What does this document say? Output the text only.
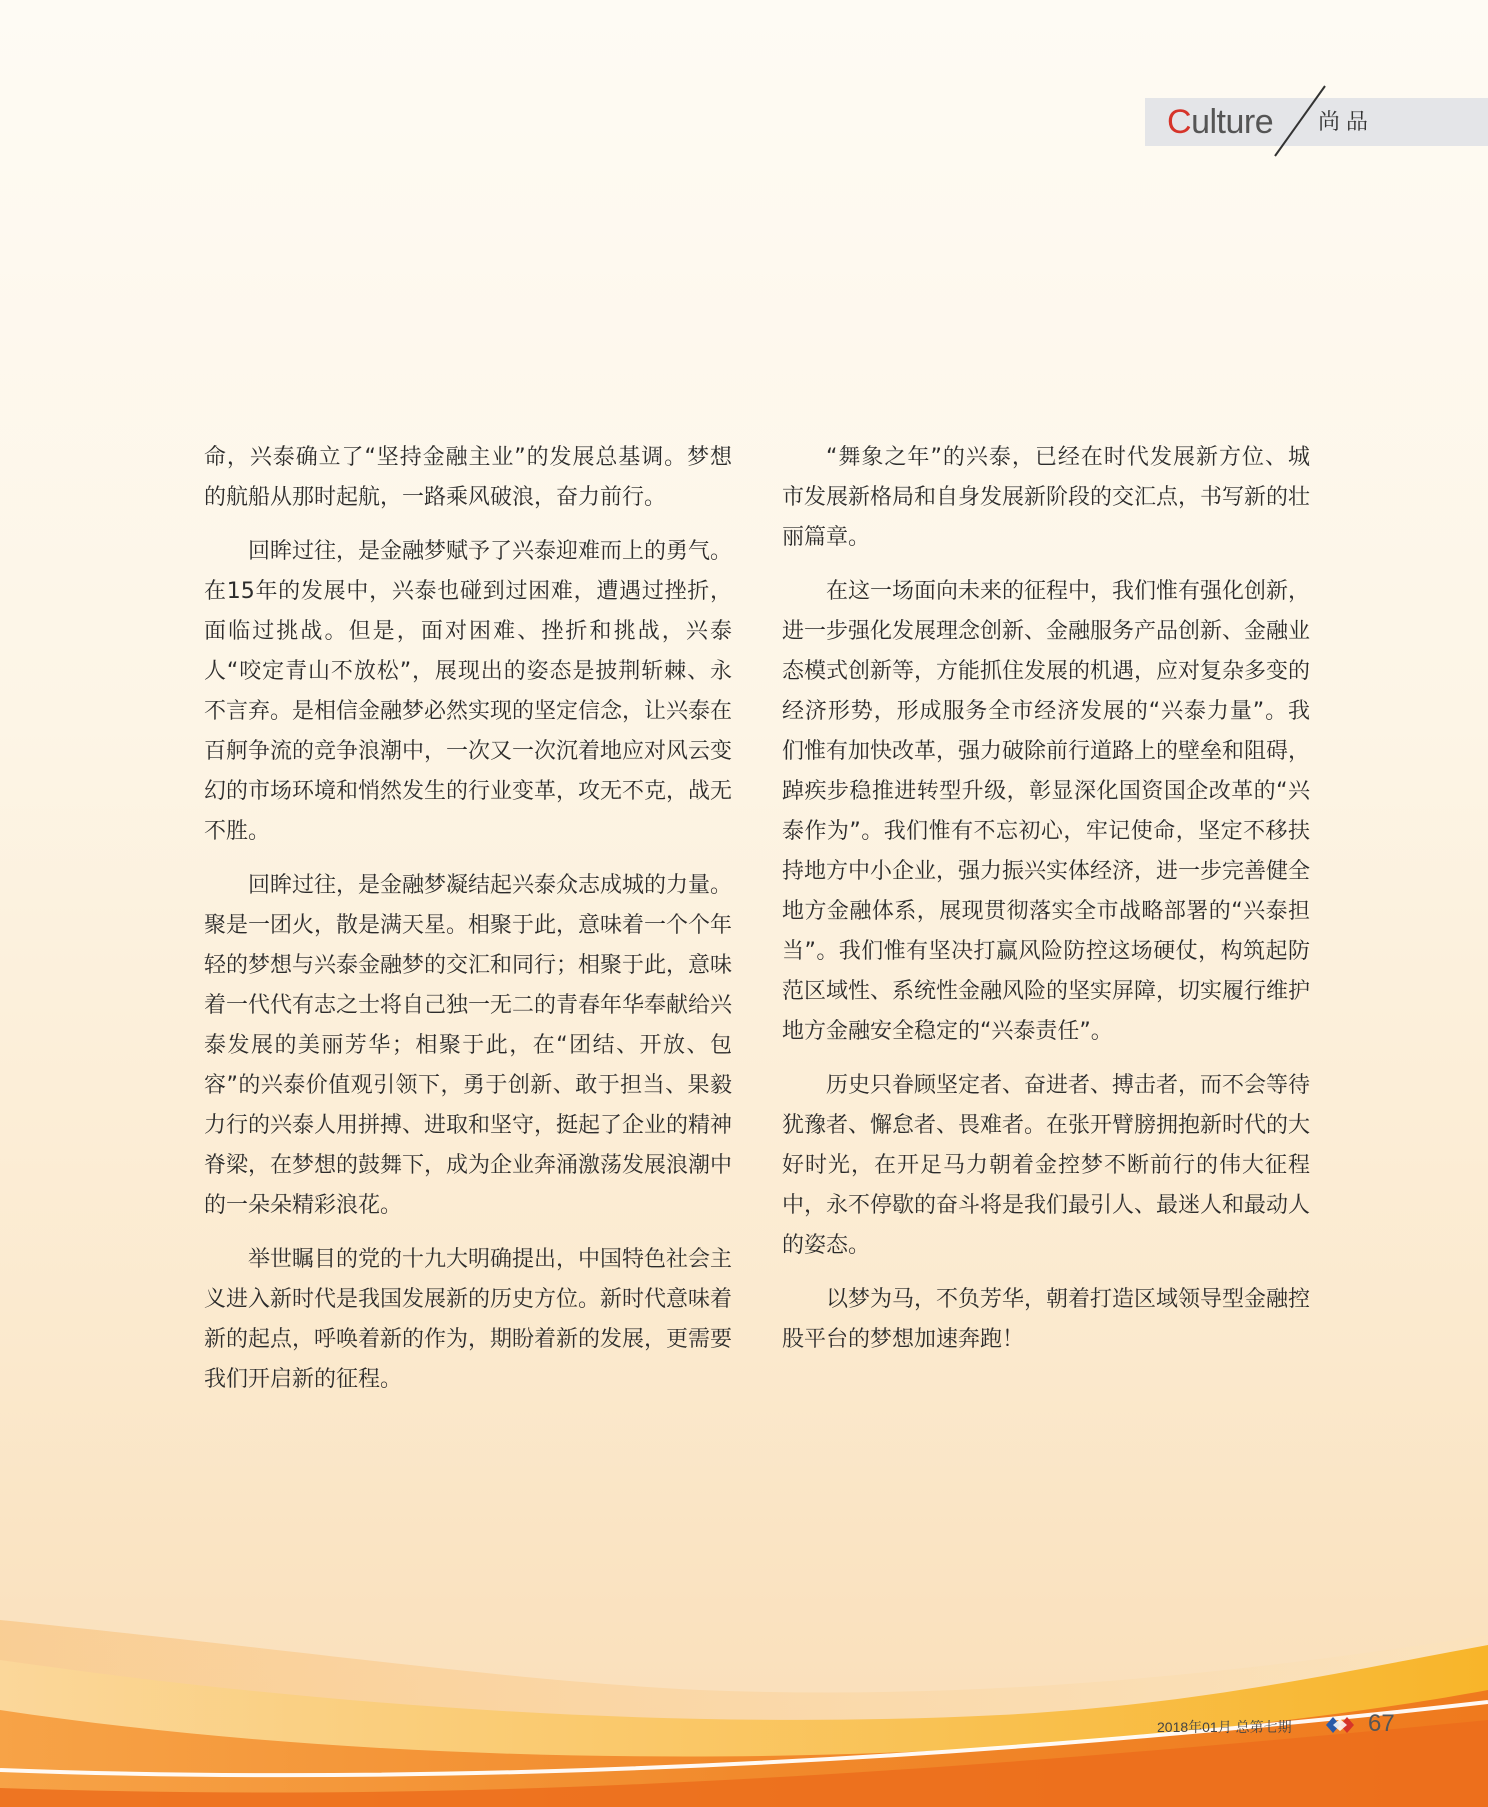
Culture 尚品

命，兴泰确立了“坚持金融主业”的发展总基调。梦想的航船从那时起航，一路乘风破浪，奋力前行。

回眸过往，是金融梦赋予了兴泰迎难而上的勇气。在15年的发展中，兴泰也碰到过困难，遭遇过挫折，面临过挑战。但是，面对困难、挫折和挑战，兴泰人“咬定青山不放松”，展现出的姿态是披荆斩棘、永不言弃。是相信金融梦必然实现的坚定信念，让兴泰在百舸争流的竞争浪潮中，一次又一次沉着地应对风云变幻的市场环境和悄然发生的行业变革，攻无不克，战无不胜。

回眸过往，是金融梦凝结起兴泰众志成城的力量。聚是一团火，散是满天星。相聚于此，意味着一个个年轻的梦想与兴泰金融梦的交汇和同行；相聚于此，意味着一代代有志之士将自己独一无二的青春年华奉献给兴泰发展的美丽芳华；相聚于此，在“团结、开放、包容”的兴泰价值观引领下，勇于创新、敢于担当、果毅力行的兴泰人用拼搏、进取和坚守，挺起了企业的精神脊梁，在梦想的鼓舞下，成为企业奔涌激荡发展浪潮中的一朵朵精彩浪花。

举世瞩目的党的十九大明确提出，中国特色社会主义进入新时代是我国发展新的历史方位。新时代意味着新的起点，呼唤着新的作为，期盼着新的发展，更需要我们开启新的征程。

“舞象之年”的兴泰，已经在时代发展新方位、城市发展新格局和自身发展新阶段的交汇点，书写新的壮丽篇章。

在这一场面向未来的征程中，我们惟有强化创新，进一步强化发展理念创新、金融服务产品创新、金融业态模式创新等，方能抓住发展的机遇，应对复杂多变的经济形势，形成服务全市经济发展的“兴泰力量”。我们惟有加快改革，强力破除前行道路上的壁垒和阻碍，踔疾步稳推进转型升级，彰显深化国资国企改革的“兴泰作为”。我们惟有不忘初心，牢记使命，坚定不移扶持地方中小企业，强力振兴实体经济，进一步完善健全地方金融体系，展现贯彻落实全市战略部署的“兴泰担当”。我们惟有坚决打赢风险防控这场硬仗，构筑起防范区域性、系统性金融风险的坚实屏障，切实履行维护地方金融安全稳定的“兴泰责任”。

历史只眷顾坚定者、奋进者、搏击者，而不会等待犹豫者、懈怠者、畏难者。在张开臂膀拥抱新时代的大好时光，在开足马力朝着金控梦不断前行的伟大征程中，永不停歇的奋斗将是我们最引人、最迷人和最动人的姿态。

以梦为马，不负芳华，朝着打造区域领导型金融控股平台的梦想加速奔跑！

2018年01月 总第七期	67
